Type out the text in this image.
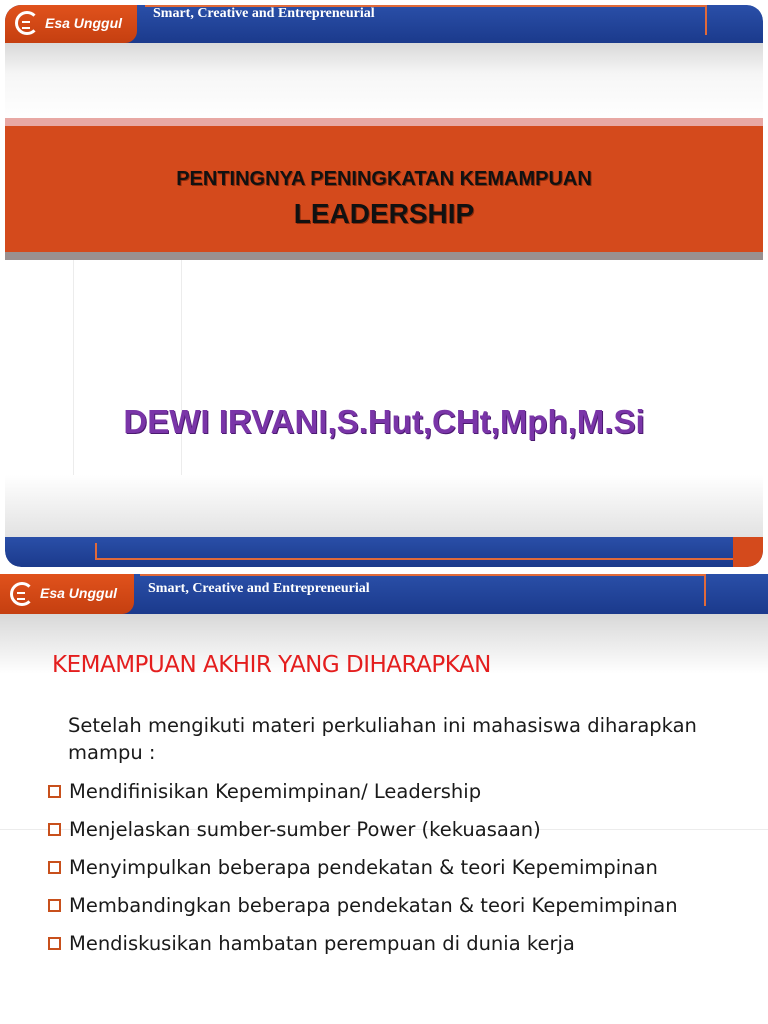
Esa Unggul
Smart, Creative and Entrepreneurial
PENTINGNYA PENINGKATAN KEMAMPUAN
LEADERSHIP
DEWI IRVANI,S.Hut,CHt,Mph,M.Si
Esa Unggul Smart, Creative and Entrepreneurial
KEMAMPUAN AKHIR YANG DIHARAPKAN
Setelah mengikuti materi perkuliahan ini mahasiswa diharapkan mampu :
Mendifinisikan Kepemimpinan/ Leadership
Menjelaskan sumber-sumber Power (kekuasaan)
Menyimpulkan beberapa pendekatan & teori Kepemimpinan
Membandingkan beberapa pendekatan & teori Kepemimpinan
Mendiskusikan hambatan perempuan di dunia kerja
